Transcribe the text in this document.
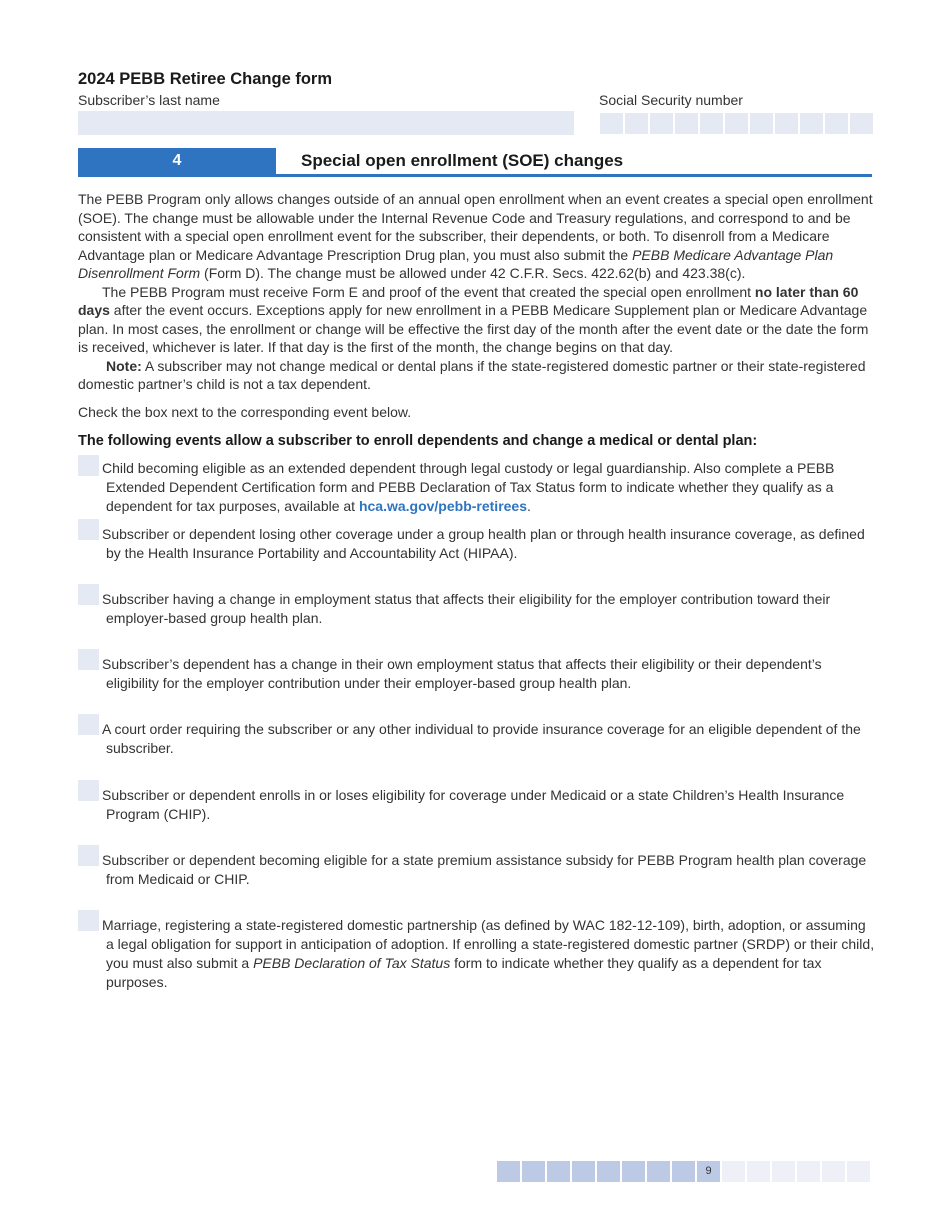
2024 PEBB Retiree Change form
Subscriber’s last name	Social Security number
4	Special open enrollment (SOE) changes

The PEBB Program only allows changes outside of an annual open enrollment when an event creates a special open enrollment (SOE). The change must be allowable under the Internal Revenue Code and Treasury regulations, and correspond to and be consistent with a special open enrollment event for the subscriber, their dependents, or both. To disenroll from a Medicare Advantage plan or Medicare Advantage Prescription Drug plan, you must also submit the PEBB Medicare Advantage Plan Disenrollment Form (Form D). The change must be allowed under 42 C.F.R. Secs. 422.62(b) and 423.38(c).

The PEBB Program must receive Form E and proof of the event that created the special open enrollment no later than 60 days after the event occurs. Exceptions apply for new enrollment in a PEBB Medicare Supplement plan or Medicare Advantage plan. In most cases, the enrollment or change will be effective the first day of the month after the event date or the date the form is received, whichever is later. If that day is the first of the month, the change begins on that day.

Note: A subscriber may not change medical or dental plans if the state-registered domestic partner or their state-registered domestic partner’s child is not a tax dependent.

Check the box next to the corresponding event below.
The following events allow a subscriber to enroll dependents and change a medical or dental plan:
Child becoming eligible as an extended dependent through legal custody or legal guardianship. Also complete a PEBB Extended Dependent Certification form and PEBB Declaration of Tax Status form to indicate whether they qualify as a dependent for tax purposes, available at hca.wa.gov/pebb-retirees.
Subscriber or dependent losing other coverage under a group health plan or through health insurance coverage, as defined by the Health Insurance Portability and Accountability Act (HIPAA).
Subscriber having a change in employment status that affects their eligibility for the employer contribution toward their employer-based group health plan.
Subscriber’s dependent has a change in their own employment status that affects their eligibility or their dependent’s eligibility for the employer contribution under their employer-based group health plan.
A court order requiring the subscriber or any other individual to provide insurance coverage for an eligible dependent of the subscriber.
Subscriber or dependent enrolls in or loses eligibility for coverage under Medicaid or a state Children’s Health Insurance Program (CHIP).
Subscriber or dependent becoming eligible for a state premium assistance subsidy for PEBB Program health plan coverage from Medicaid or CHIP.
Marriage, registering a state-registered domestic partnership (as defined by WAC 182-12-109), birth, adoption, or assuming a legal obligation for support in anticipation of adoption. If enrolling a state-registered domestic partner (SRDP) or their child, you must also submit a PEBB Declaration of Tax Status form to indicate whether they qualify as a dependent for tax purposes.
9
